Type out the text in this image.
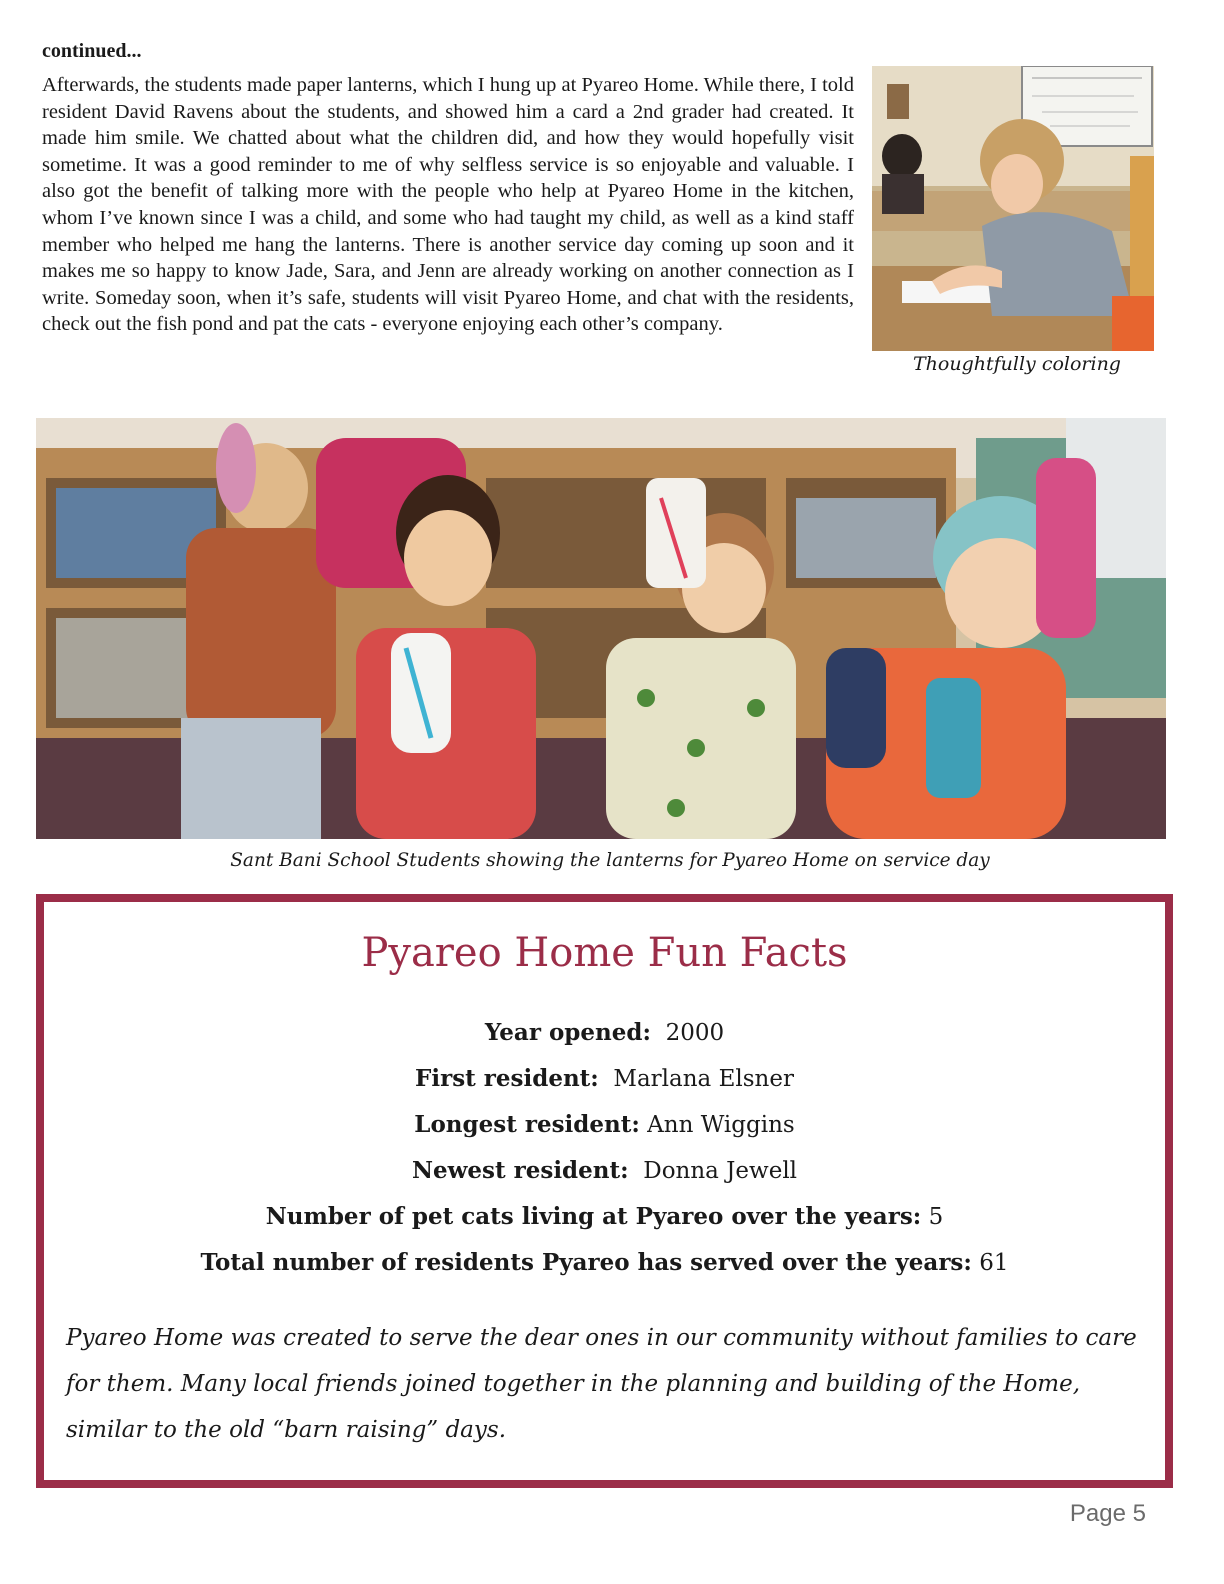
continued...

Afterwards, the students made paper lanterns, which I hung up at Pyareo Home. While there, I told resident David Ravens about the students, and showed him a card a 2nd grader had created. It made him smile. We chatted about what the children did, and how they would hopefully visit sometime. It was a good reminder to me of why selfless service is so enjoyable and valuable. I also got the benefit of talking more with the people who help at Pyareo Home in the kitchen, whom I’ve known since I was a child, and some who had taught my child, as well as a kind staff member who helped me hang the lanterns. There is another service day coming up soon and it makes me so happy to know Jade, Sara, and Jenn are already working on another connection as I write. Someday soon, when it’s safe, students will visit Pyareo Home, and chat with the residents, check out the fish pond and pat the cats - everyone enjoying each other’s company.

Thoughtfully coloring
Sant Bani School Students showing the lanterns for Pyareo Home on service day
Pyareo Home Fun Facts
Year opened: 2000
First resident: Marlana Elsner
Longest resident: Ann Wiggins
Newest resident: Donna Jewell
Number of pet cats living at Pyareo over the years: 5
Total number of residents Pyareo has served over the years: 61

Pyareo Home was created to serve the dear ones in our community without families to care for them. Many local friends joined together in the planning and building of the Home, similar to the old “barn raising” days.

Page 5
